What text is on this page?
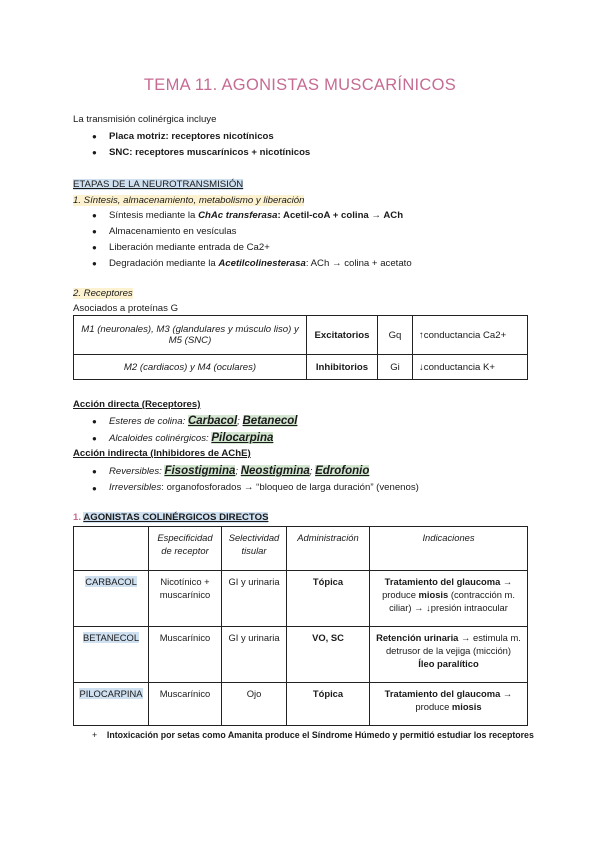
TEMA 11. AGONISTAS MUSCARÍNICOS
La transmisión colinérgica incluye
● Placa motriz: receptores nicotínicos
● SNC: receptores muscarínicos + nicotínicos
ETAPAS DE LA NEUROTRANSMISIÓN
1. Síntesis, almacenamiento, metabolismo y liberación
● Síntesis mediante la ChAc transferasa: Acetil-coA + colina → ACh
● Almacenamiento en vesículas
● Liberación mediante entrada de Ca2+
● Degradación mediante la Acetilcolinesterasa: ACh → colina + acetato
2. Receptores
Asociados a proteínas G
M1 (neuronales), M3 (glandulares y músculo liso) y M5 (SNC)	Excitatorios	Gq	↑conductancia Ca2+
M2 (cardiacos) y M4 (oculares)	Inhibitorios	Gi	↓conductancia K+
Acción directa (Receptores)
● Esteres de colina: Carbacol; Betanecol
● Alcaloides colinérgicos: Pilocarpina
Acción indirecta (Inhibidores de AChE)
● Reversibles: Fisostigmina; Neostigmina; Edrofonio
● Irreversibles: organofosforados → “bloqueo de larga duración” (venenos)
1. AGONISTAS COLINÉRGICOS DIRECTOS
	Especificidad de receptor	Selectividad tisular	Administración	Indicaciones
CARBACOL	Nicotínico + muscarínico	GI y urinaria	Tópica	Tratamiento del glaucoma → produce miosis (contracción m. ciliar) → ↓presión intraocular
BETANECOL	Muscarínico	GI y urinaria	VO, SC	Retención urinaria → estimula m. detrusor de la vejiga (micción)
Íleo paralítico
PILOCARPINA	Muscarínico	Ojo	Tópica	Tratamiento del glaucoma → produce miosis
+ Intoxicación por setas como Amanita produce el Síndrome Húmedo y permitió estudiar los receptores
